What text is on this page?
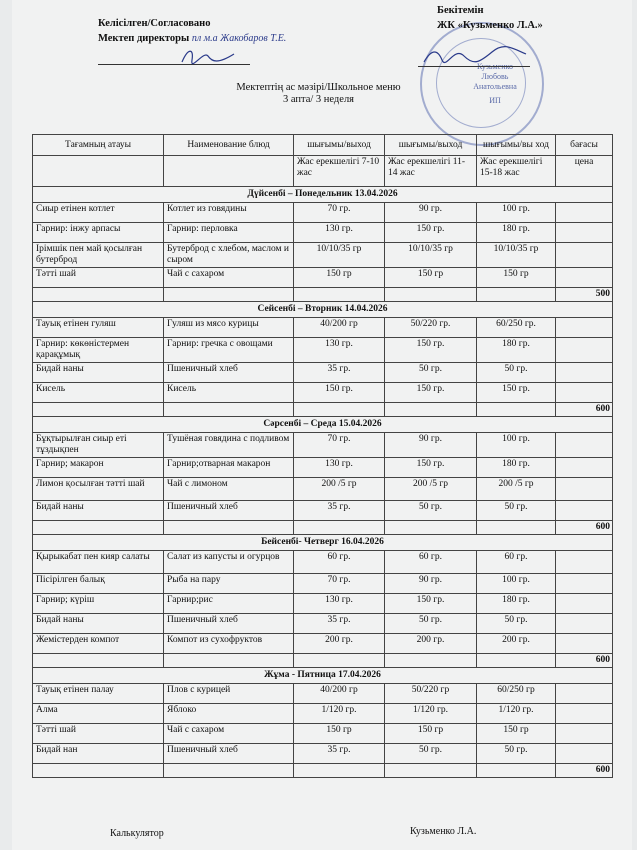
Кузьменко
Любовь
Анатольевна
ИП
Келісілген/Согласовано
Мектеп директоры пл м.а Жакобаров Т.Е.
Бекітемін
ЖК «Кузьменко Л.А.»
Мектептің ас мәзірі/Школьное меню
3 апта/ 3 неделя
Тағамның атауы	Наименование блюд	шығымы/выход	шығымы/выход	шығымы/вы ход	бағасы
		Жас ерекшелігі 7-10 жас	Жас ерекшелігі 11-14 жас	Жас ерекшелігі 15-18 жас	цена
Дүйсенбі – Понедельник 13.04.2026					
Сиыр етінен котлет	Котлет из говядины	70 гр.	90 гр.	100 гр.	
Гарнир: інжу арпасы	Гарнир: перловка	130 гр.	150 гр.	180 гр.	
Ірімшік пен май қосылған бутерброд	Бутерброд с хлебом, маслом и сыром	10/10/35 гр	10/10/35 гр	10/10/35 гр	
Тәтті шай	Чай с сахаром	150 гр	150 гр	150 гр	
					500
Сейсенбі – Вторник 14.04.2026					
Тауық етінен гуляш	Гуляш из мясо курицы	40/200 гр	50/220 гр.	60/250 гр.	
Гарнир: көкөністермен қарақұмық	Гарнир: гречка с овощами	130 гр.	150 гр.	180 гр.	
Бидай наны	Пшеничный хлеб	35 гр.	50 гр.	50 гр.	
Кисель	Кисель	150 гр.	150 гр.	150 гр.	
					600
Сәрсенбі – Среда 15.04.2026					
Бұқтырылған сиыр еті тұздықпен	Тушёная говядина с подливом	70 гр.	90 гр.	100 гр.	
Гарнир; макарон	Гарнир;отварная макарон	130 гр.	150 гр.	180 гр.	
Лимон қосылған тәтті шай	Чай с лимоном	200 /5 гр	200 /5 гр	200 /5 гр	
Бидай наны	Пшеничный хлеб	35 гр.	50 гр.	50 гр.	
					600
Бейсенбі- Четверг 16.04.2026					
Қырыкабат пен кияр салаты	Салат из капусты и огурцов	60 гр.	60 гр.	60 гр.	
Пісірілген балық	Рыба на пару	70 гр.	90 гр.	100 гр.	
Гарнир; күріш	Гарнир;рис	130 гр.	150 гр.	180 гр.	
Бидай наны	Пшеничный хлеб	35 гр.	50 гр.	50 гр.	
Жемістерден компот	Компот из сухофруктов	200 гр.	200 гр.	200 гр.	
					600
Жұма - Пятница 17.04.2026					
Тауық етінен палау	Плов с курицей	40/200 гр	50/220 гр	60/250 гр	
Алма	Яблоко	1/120 гр.	1/120 гр.	1/120 гр.	
Тәтті шай	Чай с сахаром	150 гр	150 гр	150 гр	
Бидай нан	Пшеничный хлеб	35 гр.	50 гр.	50 гр.	
					600
Калькулятор	Кузьменко Л.А.
